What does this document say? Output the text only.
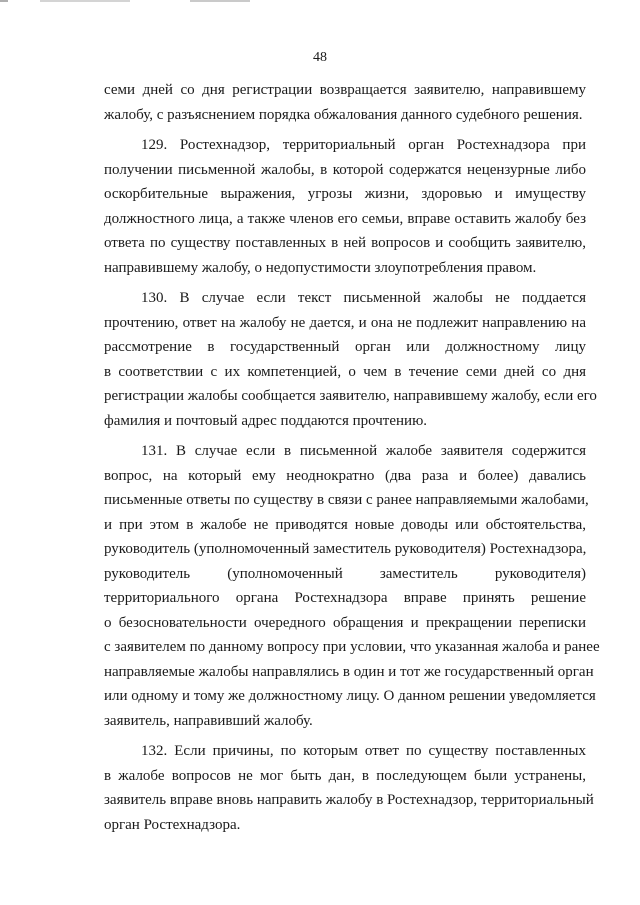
48
семи дней со дня регистрации возвращается заявителю, направившему
жалобу, с разъяснением порядка обжалования данного судебного решения.
129. Ростехнадзор, территориальный орган Ростехнадзора при
получении письменной жалобы, в которой содержатся нецензурные либо
оскорбительные выражения, угрозы жизни, здоровью и имуществу
должностного лица, а также членов его семьи, вправе оставить жалобу без
ответа по существу поставленных в ней вопросов и сообщить заявителю,
направившему жалобу, о недопустимости злоупотребления правом.
130. В случае если текст письменной жалобы не поддается
прочтению, ответ на жалобу не дается, и она не подлежит направлению на
рассмотрение в государственный орган или должностному лицу
в соответствии с их компетенцией, о чем в течение семи дней со дня
регистрации жалобы сообщается заявителю, направившему жалобу, если его
фамилия и почтовый адрес поддаются прочтению.
131. В случае если в письменной жалобе заявителя содержится
вопрос, на который ему неоднократно (два раза и более) давались
письменные ответы по существу в связи с ранее направляемыми жалобами,
и при этом в жалобе не приводятся новые доводы или обстоятельства,
руководитель (уполномоченный заместитель руководителя) Ростехнадзора,
руководитель (уполномоченный заместитель руководителя)
территориального органа Ростехнадзора вправе принять решение
о безосновательности очередного обращения и прекращении переписки
с заявителем по данному вопросу при условии, что указанная жалоба и ранее
направляемые жалобы направлялись в один и тот же государственный орган
или одному и тому же должностному лицу. О данном решении уведомляется
заявитель, направивший жалобу.
132. Если причины, по которым ответ по существу поставленных
в жалобе вопросов не мог быть дан, в последующем были устранены,
заявитель вправе вновь направить жалобу в Ростехнадзор, территориальный
орган Ростехнадзора.
